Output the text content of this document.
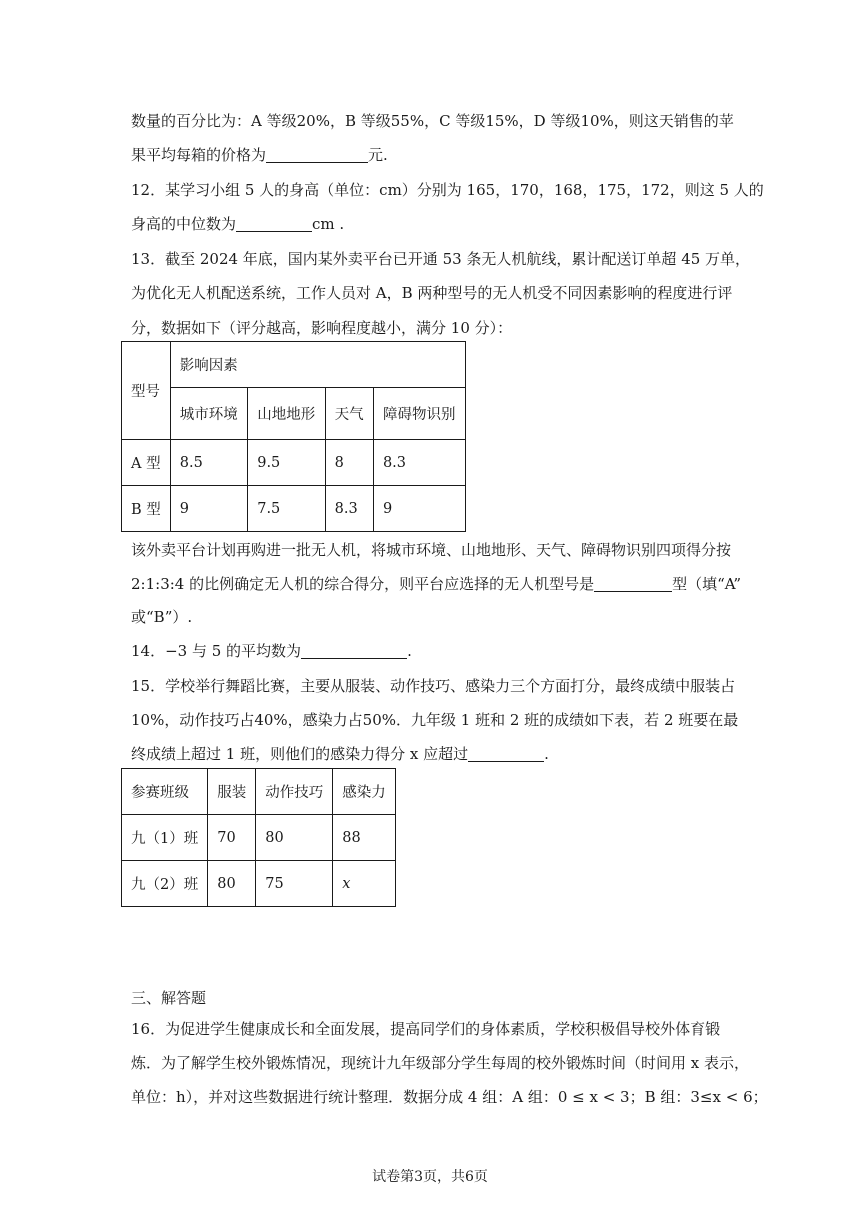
数量的百分比为：A 等级20%，B 等级55%，C 等级15%，D 等级10%，则这天销售的苹
果平均每箱的价格为	元.
12．某学习小组 5 人的身高（单位：cm）分别为 165，170，168，175，172，则这 5 人的
身高的中位数为	cm .
13．截至 2024 年底，国内某外卖平台已开通 53 条无人机航线，累计配送订单超 45 万单，
为优化无人机配送系统，工作人员对 A，B 两种型号的无人机受不同因素影响的程度进行评
分，数据如下（评分越高，影响程度越小，满分 10 分）：
型号	影响因素			
	城市环境	山地地形	天气	障碍物识别
A 型	8.5	9.5	8	8.3
B 型	9	7.5	8.3	9
该外卖平台计划再购进一批无人机，将城市环境、山地地形、天气、障碍物识别四项得分按
2:1:3:4 的比例确定无人机的综合得分，则平台应选择的无人机型号是	型（填“A”
或“B”）.
14．−3 与 5 的平均数为	.
15．学校举行舞蹈比赛，主要从服装、动作技巧、感染力三个方面打分，最终成绩中服装占
10%，动作技巧占40%，感染力占50%．九年级 1 班和 2 班的成绩如下表，若 2 班要在最
终成绩上超过 1 班，则他们的感染力得分 x 应超过	.
参赛班级	服装	动作技巧	感染力
九（1）班	70	80	88
九（2）班	80	75	x
三、解答题
16．为促进学生健康成长和全面发展，提高同学们的身体素质，学校积极倡导校外体育锻
炼．为了解学生校外锻炼情况，现统计九年级部分学生每周的校外锻炼时间（时间用 x 表示，
单位：h），并对这些数据进行统计整理．数据分成 4 组：A 组：0 ≤ x < 3；B 组：3≤x < 6；
试卷第3页，共6页
